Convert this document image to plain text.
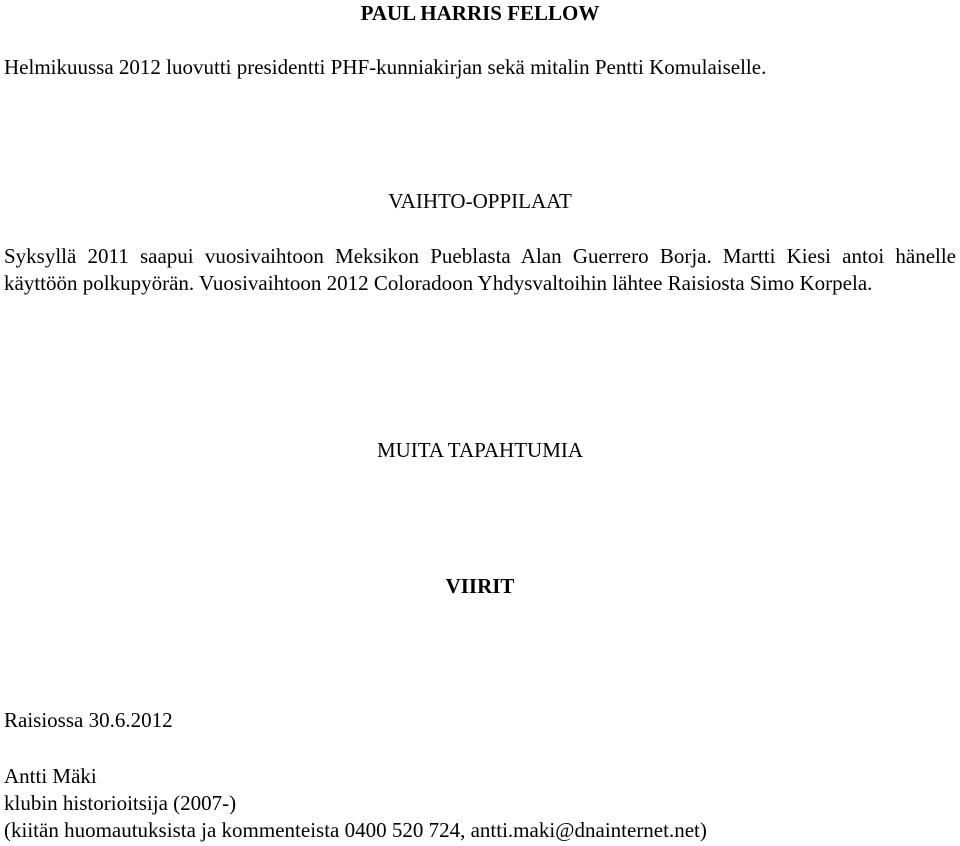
PAUL HARRIS FELLOW
Helmikuussa 2012 luovutti presidentti PHF-kunniakirjan sekä mitalin Pentti Komulaiselle.
VAIHTO-OPPILAAT
Syksyllä 2011 saapui vuosivaihtoon Meksikon Pueblasta Alan Guerrero Borja. Martti Kiesi antoi hänelle käyttöön polkupyörän. Vuosivaihtoon 2012 Coloradoon Yhdysvaltoihin lähtee Raisiosta Simo Korpela.
MUITA TAPAHTUMIA
VIIRIT
Raisiossa 30.6.2012
Antti Mäki
klubin historioitsija (2007-)
(kiitän huomautuksista ja kommenteista 0400 520 724, antti.maki@dnainternet.net)
